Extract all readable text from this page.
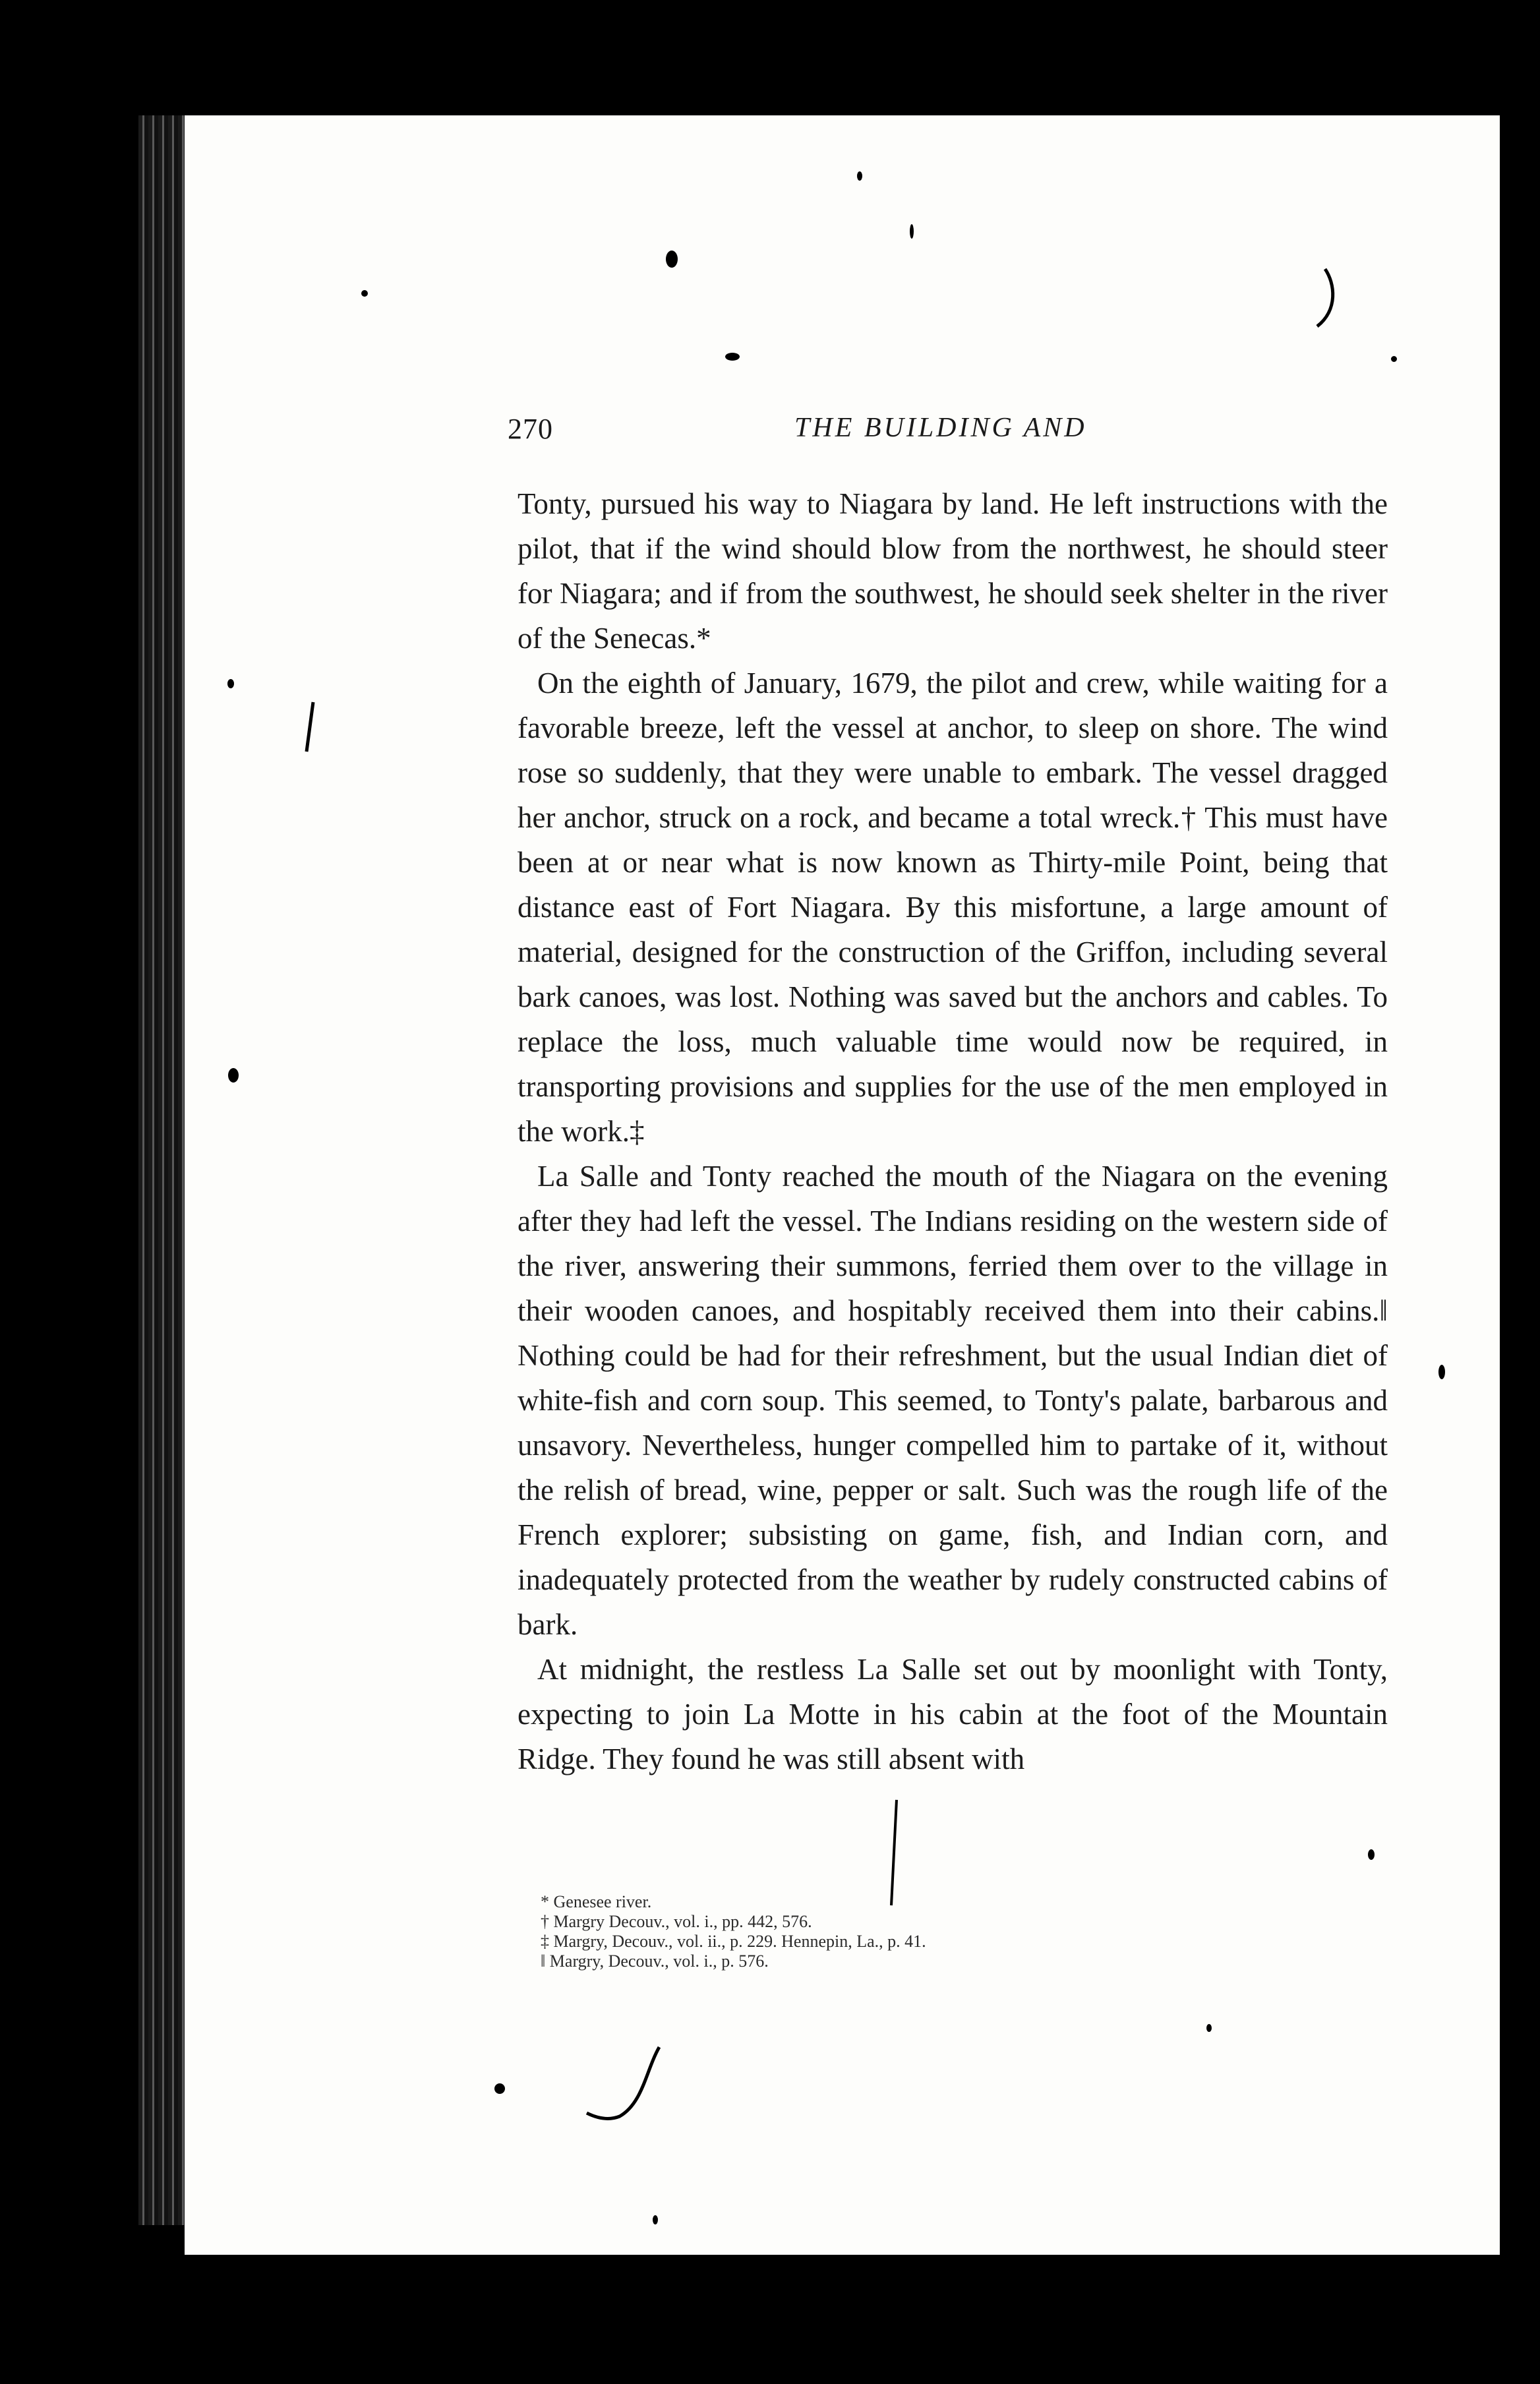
270	THE BUILDING AND

Tonty, pursued his way to Niagara by land. He left instructions with the pilot, that if the wind should blow from the northwest, he should steer for Niagara; and if from the southwest, he should seek shelter in the river of the Senecas.*

On the eighth of January, 1679, the pilot and crew, while waiting for a favorable breeze, left the vessel at anchor, to sleep on shore. The wind rose so suddenly, that they were unable to embark. The vessel dragged her anchor, struck on a rock, and became a total wreck.† This must have been at or near what is now known as Thirty-mile Point, being that distance east of Fort Niagara. By this misfortune, a large amount of material, designed for the construction of the Griffon, including several bark canoes, was lost. Nothing was saved but the anchors and cables. To replace the loss, much valuable time would now be required, in transporting provisions and supplies for the use of the men employed in the work.‡

La Salle and Tonty reached the mouth of the Niagara on the evening after they had left the vessel. The Indians residing on the western side of the river, answering their summons, ferried them over to the village in their wooden canoes, and hospitably received them into their cabins.‖ Nothing could be had for their refreshment, but the usual Indian diet of white-fish and corn soup. This seemed, to Tonty's palate, barbarous and unsavory. Nevertheless, hunger compelled him to partake of it, without the relish of bread, wine, pepper or salt. Such was the rough life of the French explorer; subsisting on game, fish, and Indian corn, and inadequately protected from the weather by rudely constructed cabins of bark.

At midnight, the restless La Salle set out by moonlight with Tonty, expecting to join La Motte in his cabin at the foot of the Mountain Ridge. They found he was still absent with

* Genesee river.
† Margry Decouv., vol. i., pp. 442, 576.
‡ Margry, Decouv., vol. ii., p. 229. Hennepin, La., p. 41.
‖ Margry, Decouv., vol. i., p. 576.
